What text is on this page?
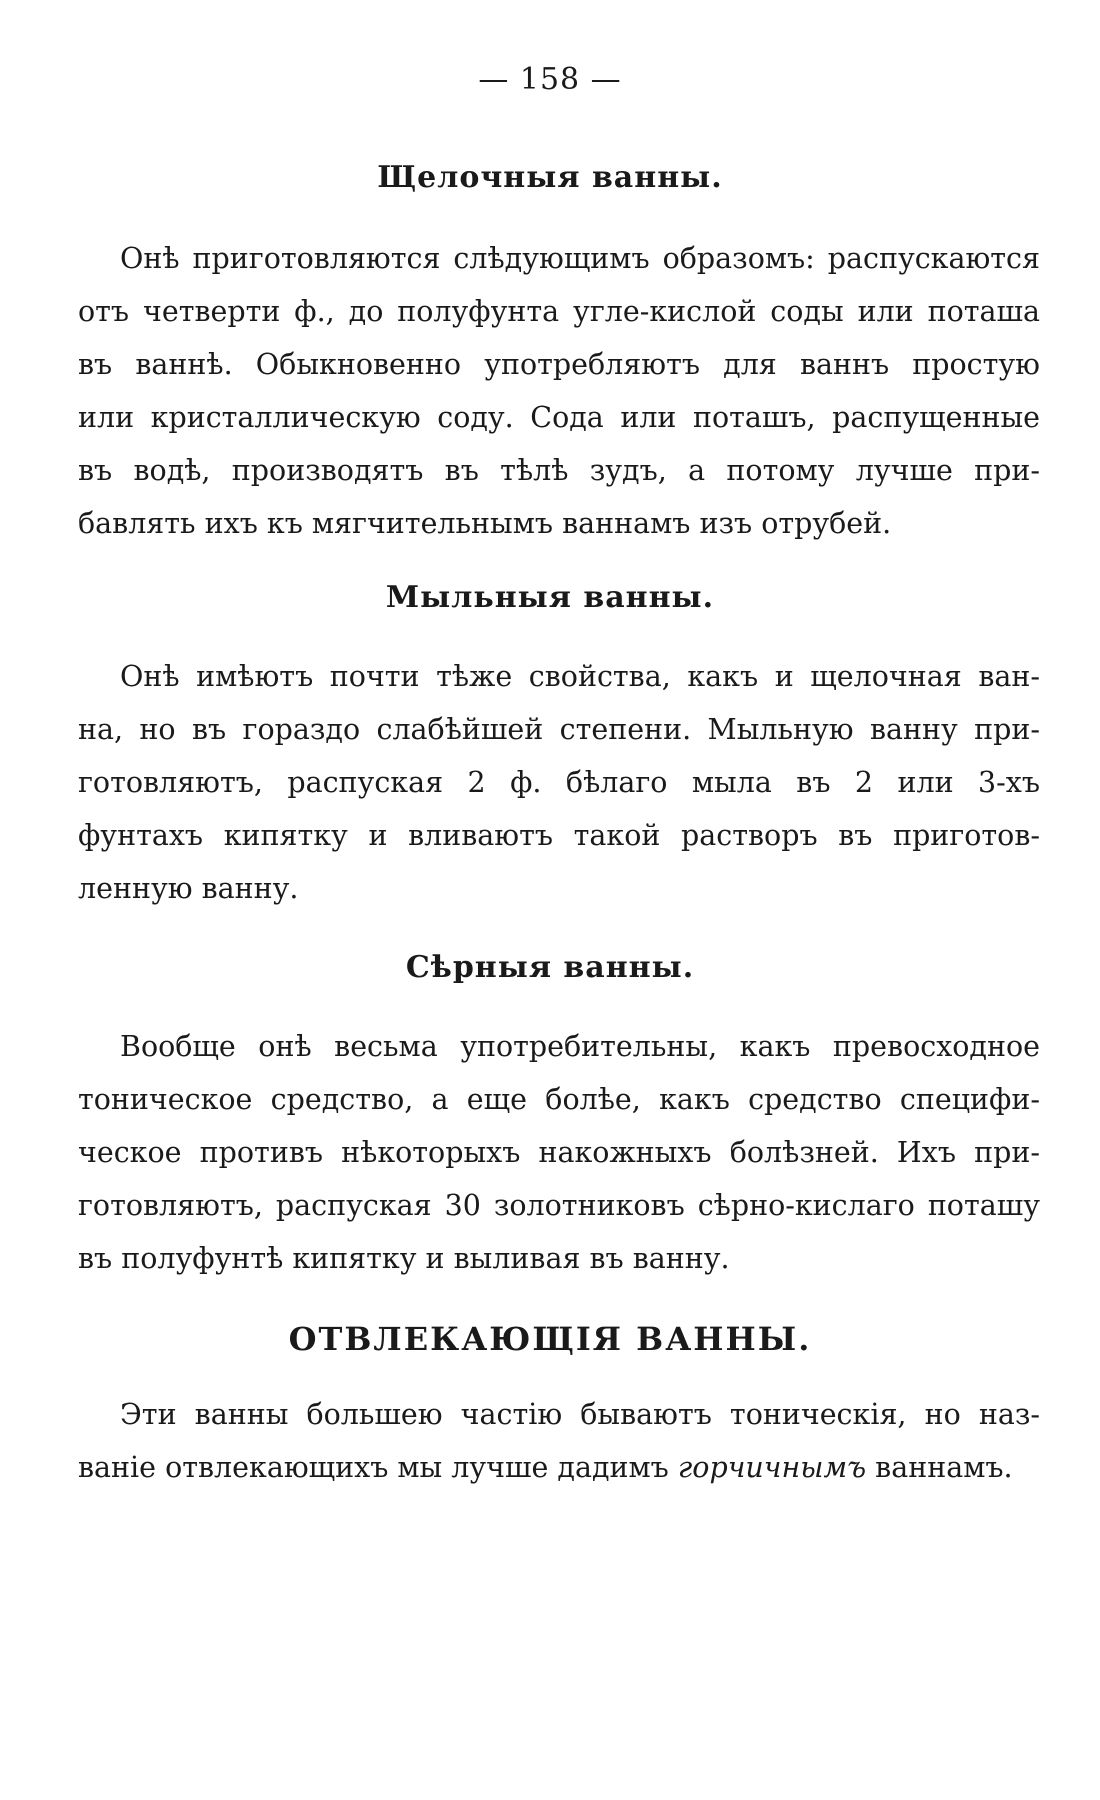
— 158 —
Щелочныя ванны.
Онѣ приготовляются слѣдующимъ образомъ: распускаются
отъ четверти ф., до полуфунта угле-кислой соды или поташа
въ ваннѣ. Обыкновенно употребляютъ для ваннъ простую
или кристаллическую соду. Сода или поташъ, распущенные
въ водѣ, производятъ въ тѣлѣ зудъ, а потому лучше при-
бавлять ихъ къ мягчительнымъ ваннамъ изъ отрубей.
Мыльныя ванны.
Онѣ имѣютъ почти тѣже свойства, какъ и щелочная ван-
на, но въ гораздо слабѣйшей степени. Мыльную ванну при-
готовляютъ, распуская 2 ф. бѣлаго мыла въ 2 или 3-хъ
фунтахъ кипятку и вливаютъ такой растворъ въ приготов-
ленную ванну.
Сѣрныя ванны.
Вообще онѣ весьма употребительны, какъ превосходное
тоническое средство, а еще болѣе, какъ средство специфи-
ческое противъ нѣкоторыхъ накожныхъ болѣзней. Ихъ при-
готовляютъ, распуская 30 золотниковъ сѣрно-кислаго поташу
въ полуфунтѣ кипятку и выливая въ ванну.
ОТВЛЕКАЮЩІЯ ВАННЫ.
Эти ванны большею частію бываютъ тоническія, но наз-
ваніе отвлекающихъ мы лучше дадимъ горчичнымъ ваннамъ.
